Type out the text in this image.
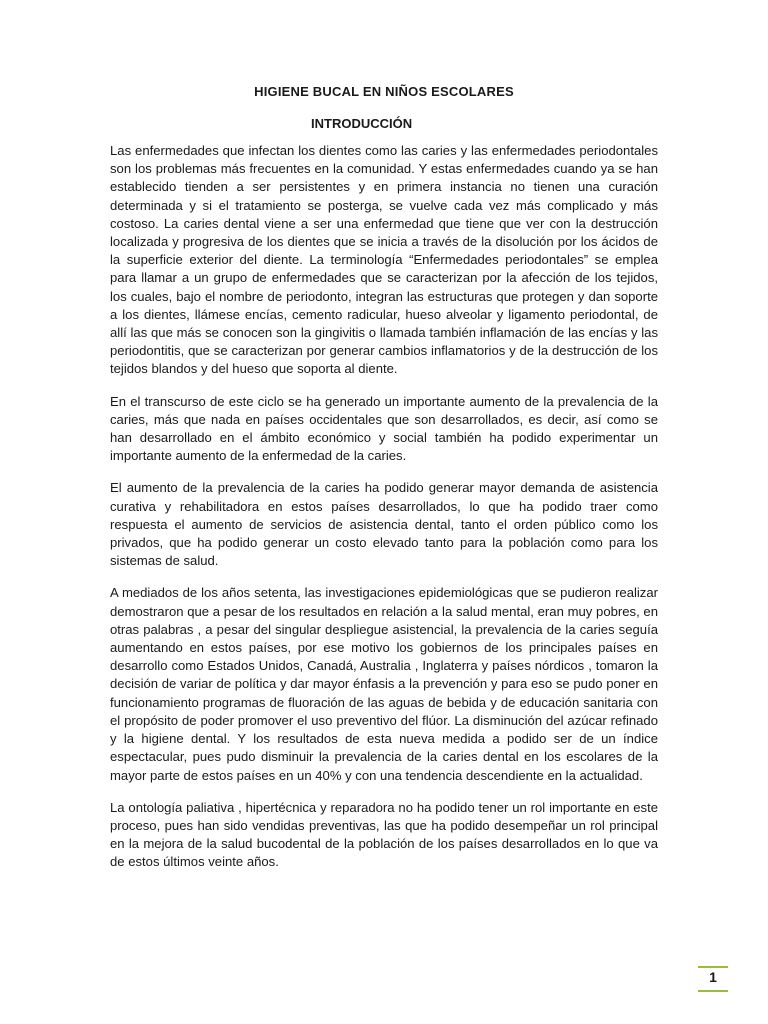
HIGIENE BUCAL EN NIÑOS ESCOLARES
INTRODUCCIÓN

Las enfermedades que infectan los dientes como las caries y las enfermedades periodontales son los problemas más frecuentes en la comunidad. Y estas enfermedades cuando ya se han establecido tienden a ser persistentes y en primera instancia no tienen una curación determinada y si el tratamiento se posterga, se vuelve cada vez más complicado y más costoso. La caries dental viene a ser una enfermedad que tiene que ver con la destrucción localizada y progresiva de los dientes que se inicia a través de la disolución por los ácidos de la superficie exterior del diente. La terminología “Enfermedades periodontales” se emplea para llamar a un grupo de enfermedades que se caracterizan por la afección de los tejidos, los cuales, bajo el nombre de periodonto, integran las estructuras que protegen y dan soporte a los dientes, llámese encías, cemento radicular, hueso alveolar y ligamento periodontal, de allí las que más se conocen son la gingivitis o llamada también inflamación de las encías y las periodontitis, que se caracterizan por generar cambios inflamatorios y de la destrucción de los tejidos blandos y del hueso que soporta al diente.

En el transcurso de este ciclo se ha generado un importante aumento de la prevalencia de la caries, más que nada en países occidentales que son desarrollados, es decir, así como se han desarrollado en el ámbito económico y social también ha podido experimentar un importante aumento de la enfermedad de la caries.

El aumento de la prevalencia de la caries ha podido generar mayor demanda de asistencia curativa y rehabilitadora en estos países desarrollados, lo que ha podido traer como respuesta el aumento de servicios de asistencia dental, tanto el orden público como los privados, que ha podido generar un costo elevado tanto para la población como para los sistemas de salud.

A mediados de los años setenta, las investigaciones epidemiológicas que se pudieron realizar demostraron que a pesar de los resultados en relación a la salud mental, eran muy pobres, en otras palabras , a pesar del singular despliegue asistencial, la prevalencia de la caries seguía aumentando en estos países, por ese motivo los gobiernos de los principales países en desarrollo como Estados Unidos, Canadá, Australia , Inglaterra y países nórdicos , tomaron la decisión de variar de política y dar mayor énfasis a la prevención y para eso se pudo poner en funcionamiento programas de fluoración de las aguas de bebida y de educación sanitaria con el propósito de poder promover el uso preventivo del flúor. La disminución del azúcar refinado y la higiene dental. Y los resultados de esta nueva medida a podido ser de un índice espectacular, pues pudo disminuir la prevalencia de la caries dental en los escolares de la mayor parte de estos países en un 40% y con una tendencia descendiente en la actualidad.

La ontología paliativa , hipertécnica y reparadora no ha podido tener un rol importante en este proceso, pues han sido vendidas preventivas, las que ha podido desempeñar un rol principal en la mejora de la salud bucodental de la población de los países desarrollados en lo que va de estos últimos veinte años.

1
